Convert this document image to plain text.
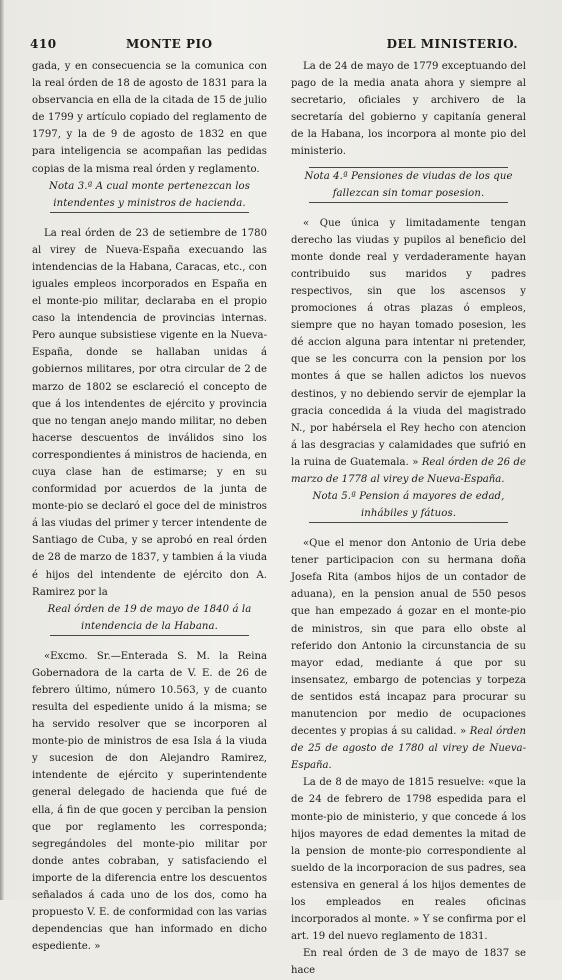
410	MONTE PIO	DEL MINISTERIO.

gada, y en consecuencia se la comunica con la real órden de 18 de agosto de 1831 para la observancia en ella de la citada de 15 de julio de 1799 y artículo copiado del reglamento de 1797, y la de 9 de agosto de 1832 en que para inteligencia se acompañan las pedidas copias de la misma real órden y reglamento.

Nota 3.ª A cual monte pertenezcan los intendentes y ministros de hacienda.

La real órden de 23 de setiembre de 1780 al virey de Nueva-España execuando las intendencias de la Habana, Caracas, etc., con iguales empleos incorporados en España en el monte-pio militar, declaraba en el propio caso la intendencia de provincias internas. Pero aunque subsistiese vigente en la Nueva-España, donde se hallaban unidas á gobiernos militares, por otra circular de 2 de marzo de 1802 se esclareció el concepto de que á los intendentes de ejército y provincia que no tengan anejo mando militar, no deben hacerse descuentos de inválidos sino los correspondientes á ministros de hacienda, en cuya clase han de estimarse; y en su conformidad por acuerdos de la junta de monte-pio se declaró el goce del de ministros á las viudas del primer y tercer intendente de Santiago de Cuba, y se aprobó en real órden de 28 de marzo de 1837, y tambien á la viuda é hijos del intendente de ejército don A. Ramirez por la

Real órden de 19 de mayo de 1840 á la intendencia de la Habana.

«Excmo. Sr.—Enterada S. M. la Reina Gobernadora de la carta de V. E. de 26 de febrero último, número 10.563, y de cuanto resulta del espediente unido á la misma; se ha servido resolver que se incorporen al monte-pio de ministros de esa Isla á la viuda y sucesion de don Alejandro Ramirez, intendente de ejército y superintendente general delegado de hacienda que fué de ella, á fin de que gocen y perciban la pension que por reglamento les corresponda; segregándoles del monte-pio militar por donde antes cobraban, y satisfaciendo el importe de la diferencia entre los descuentos señalados á cada uno de los dos, como ha propuesto V. E. de conformidad con las varias dependencias que han informado en dicho espediente. »

La de 24 de mayo de 1779 exceptuando del pago de la media anata ahora y siempre al secretario, oficiales y archivero de la secretaría del gobierno y capitanía general de la Habana, los incorpora al monte pio del ministerio.

Nota 4.ª Pensiones de viudas de los que fallezcan sin tomar posesion.

« Que única y limitadamente tengan derecho las viudas y pupilos al beneficio del monte donde real y verdaderamente hayan contribuido sus maridos y padres respectivos, sin que los ascensos y promociones á otras plazas ó empleos, siempre que no hayan tomado posesion, les dé accion alguna para intentar ni pretender, que se les concurra con la pension por los montes á que se hallen adictos los nuevos destinos, y no debiendo servir de ejemplar la gracia concedida á la viuda del magistrado N., por habérsela el Rey hecho con atencion á las desgracias y calamidades que sufrió en la ruina de Guatemala. » Real órden de 26 de marzo de 1778 al virey de Nueva-España.

Nota 5.ª Pension á mayores de edad, inhábiles y fátuos.

«Que el menor don Antonio de Uria debe tener participacion con su hermana doña Josefa Rita (ambos hijos de un contador de aduana), en la pension anual de 550 pesos que han empezado á gozar en el monte-pio de ministros, sin que para ello obste al referido don Antonio la circunstancia de su mayor edad, mediante á que por su insensatez, embargo de potencias y torpeza de sentidos está incapaz para procurar su manutencion por medio de ocupaciones decentes y propias á su calidad. » Real órden de 25 de agosto de 1780 al virey de Nueva-España.

La de 8 de mayo de 1815 resuelve: «que la de 24 de febrero de 1798 espedida para el monte-pio de ministerio, y que concede á los hijos mayores de edad dementes la mitad de la pension de monte-pio correspondiente al sueldo de la incorporacion de sus padres, sea estensiva en general á los hijos dementes de los empleados en reales oficinas incorporados al monte. » Y se confirma por el art. 19 del nuevo reglamento de 1831.

En real órden de 3 de mayo de 1837 se hace
